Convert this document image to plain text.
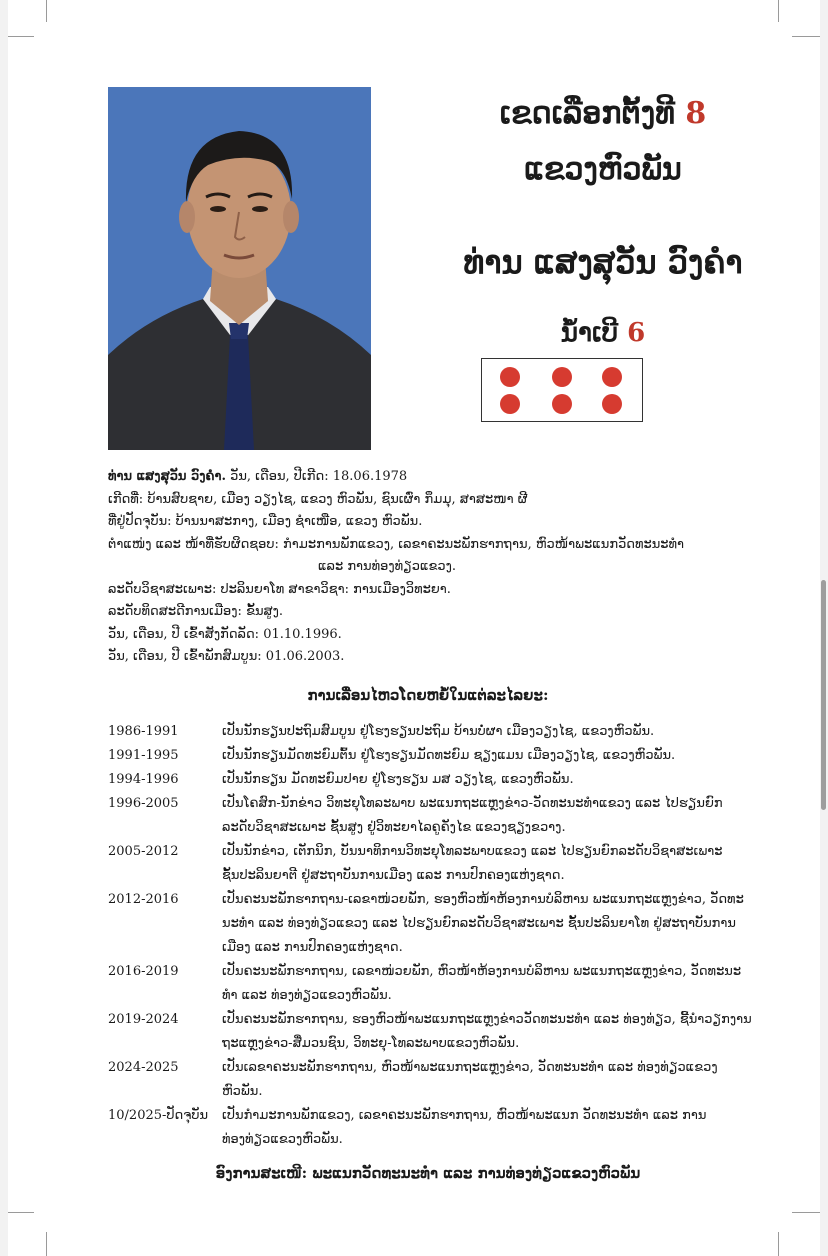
ເຂດເລືອກຕັ້ງທີ 8
ແຂວງຫົວພັນ
ທ່ານ ແສງສຸວັນ ວົງຄຳ
ນໍ້າເບີ 6
ທ່ານ ແສງສຸວັນ ວົງຄຳ. ວັນ, ເດືອນ, ປີເກີດ: 18.06.1978
ເກີດທີ່: ບ້ານສົບຊາຍ, ເມືອງ ວຽງໄຊ, ແຂວງ ຫົວພັນ, ຊົນເຜົ່າ ກຶມມຸ, ສາສະໜາ ຜີ
ທີ່ຢູ່ປັດຈຸບັນ: ບ້ານນາສະກາງ, ເມືອງ ຊຳເໜືອ, ແຂວງ ຫົວພັນ.
ຕໍາແໜ່ງ ແລະ ໜ້າທີ່ຮັບຜິດຊອບ: ກຳມະການພັກແຂວງ, ເລຂາຄະນະພັກຮາກຖານ, ຫົວໜ້າພະແນກວັດທະນະທຳ
ແລະ ການທ່ອງທ່ຽວແຂວງ.
ລະດັບວິຊາສະເພາະ: ປະລິນຍາໂທ ສາຂາວິຊາ: ການເມືອງວິທະຍາ.
ລະດັບທິດສະດີການເມືອງ: ຂັ້ນສູງ.
ວັນ, ເດືອນ, ປີ ເຂົ້າສັງກັດລັດ: 01.10.1996.
ວັນ, ເດືອນ, ປີ ເຂົ້າພັກສົມບູນ: 01.06.2003.
ການເລື່ອນໄຫວໂດຍຫຍໍ້ໃນແຕ່ລະໄລຍະ:
1986-1991	ເປັນນັກຮຽນປະຖົມສົມບູນ ຢູ່ໂຮງຮຽນປະຖົມ ບ້ານບໍ່ຜາ ເມືອງວຽງໄຊ, ແຂວງຫົວພັນ.
1991-1995	ເປັນນັກຮຽນມັດທະຍົມຕົ້ນ ຢູ່ໂຮງຮຽນມັດທະຍົມ ຊຽງແມນ ເມືອງວຽງໄຊ, ແຂວງຫົວພັນ.
1994-1996	ເປັນນັກຮຽນ ມັດທະຍົມປາຍ ຢູ່ໂຮງຮຽນ ມສ ວຽງໄຊ, ແຂວງຫົວພັນ.
1996-2005	ເປັນໂຄສົກ-ນັກຂ່າວ ວິທະຍຸໂທລະພາບ ພະແນກຖະແຫຼງຂ່າວ-ວັດທະນະທຳແຂວງ ແລະ ໄປຮຽນຍົກ
ລະດັບວິຊາສະເພາະ ຊັ້ນສູງ ຢູ່ວິທະຍາໄລຄູຄັງໄຂ ແຂວງຊຽງຂວາງ.
2005-2012	ເປັນນັກຂ່າວ, ເຕັກນິກ, ບັນນາທິການວິທະຍຸໂທລະພາບແຂວງ ແລະ ໄປຮຽນຍົກລະດັບວິຊາສະເພາະ
ຊັ້ນປະລິນຍາຕີ ຢູ່ສະຖາບັນການເມືອງ ແລະ ການປົກຄອງແຫ່ງຊາດ.
2012-2016	ເປັນຄະນະພັກຮາກຖານ-ເລຂາໜ່ວຍພັກ, ຮອງຫົວໜ້າຫ້ອງການບໍລິຫານ ພະແນກຖະແຫຼງຂ່າວ, ວັດທະ
ນະທຳ ແລະ ທ່ອງທ່ຽວແຂວງ ແລະ ໄປຮຽນຍົກລະດັບວິຊາສະເພາະ ຊັ້ນປະລິນຍາໂທ ຢູ່ສະຖາບັນການ
ເມືອງ ແລະ ການປົກຄອງແຫ່ງຊາດ.
2016-2019	ເປັນຄະນະພັກຮາກຖານ, ເລຂາໜ່ວຍພັກ, ຫົວໜ້າຫ້ອງການບໍລິຫານ ພະແນກຖະແຫຼງຂ່າວ, ວັດທະນະ
ທຳ ແລະ ທ່ອງທ່ຽວແຂວງຫົວພັນ.
2019-2024	ເປັນຄະນະພັກຮາກຖານ, ຮອງຫົວໜ້າພະແນກຖະແຫຼງຂ່າວວັດທະນະທຳ ແລະ ທ່ອງທ່ຽວ, ຊີ້ນຳວຽກງານ
ຖະແຫຼງຂ່າວ-ສື່ມວນຊົນ, ວິທະຍຸ-ໂທລະພາບແຂວງຫົວພັນ.
2024-2025	ເປັນເລຂາຄະນະພັກຮາກຖານ, ຫົວໜ້າພະແນກຖະແຫຼງຂ່າວ, ວັດທະນະທຳ ແລະ ທ່ອງທ່ຽວແຂວງ
ຫົວພັນ.
10/2025-ປັດຈຸບັນ	ເປັນກຳມະການພັກແຂວງ, ເລຂາຄະນະພັກຮາກຖານ, ຫົວໜ້າພະແນກ ວັດທະນະທຳ ແລະ ການ
ທ່ອງທ່ຽວແຂວງຫົວພັນ.
ອົງການສະເໜີ: ພະແນກວັດທະນະທຳ ແລະ ການທ່ອງທ່ຽວແຂວງຫົວພັນ
